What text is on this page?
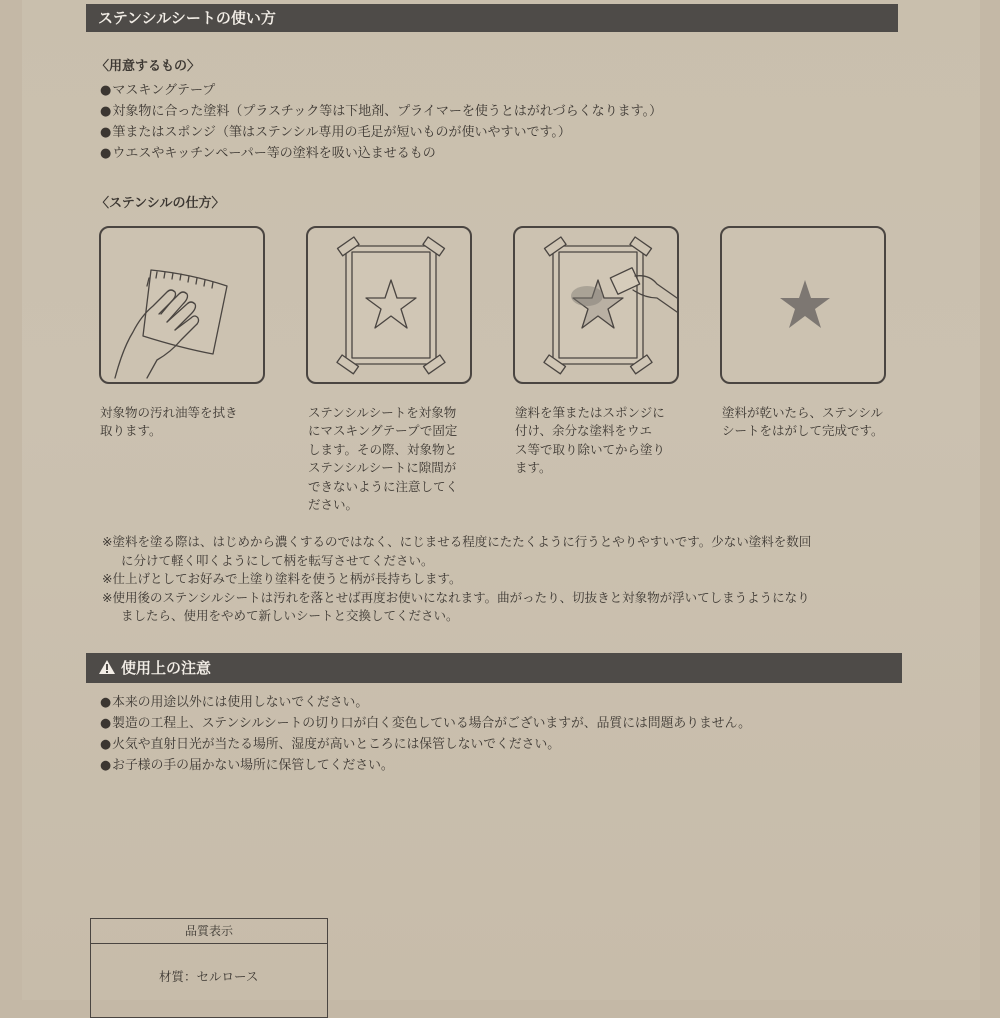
ステンシルシートの使い方
〈用意するもの〉
● マスキングテープ
● 対象物に合った塗料（プラスチック等は下地剤、プライマーを使うとはがれづらくなります。）
● 筆またはスポンジ（筆はステンシル専用の毛足が短いものが使いやすいです。）
● ウエスやキッチンペーパー等の塗料を吸い込ませるもの
〈ステンシルの仕方〉
対象物の汚れ油等を拭き
取ります。
ステンシルシートを対象物
にマスキングテープで固定
します。その際、対象物と
ステンシルシートに隙間が
できないように注意してく
ださい。
塗料を筆またはスポンジに
付け、余分な塗料をウエ
ス等で取り除いてから塗り
ます。
塗料が乾いたら、ステンシル
シートをはがして完成です。
※塗料を塗る際は、はじめから濃くするのではなく、にじませる程度にたたくように行うとやりやすいです。少ない塗料を数回
に分けて軽く叩くようにして柄を転写させてください。
※仕上げとしてお好みで上塗り塗料を使うと柄が長持ちします。
※使用後のステンシルシートは汚れを落とせば再度お使いになれます。曲がったり、切抜きと対象物が浮いてしまうようになり
ましたら、使用をやめて新しいシートと交換してください。
使用上の注意
● 本来の用途以外には使用しないでください。
● 製造の工程上、ステンシルシートの切り口が白く変色している場合がございますが、品質には問題ありません。
● 火気や直射日光が当たる場所、湿度が高いところには保管しないでください。
● お子様の手の届かない場所に保管してください。
品質表示
材質：セルロース
